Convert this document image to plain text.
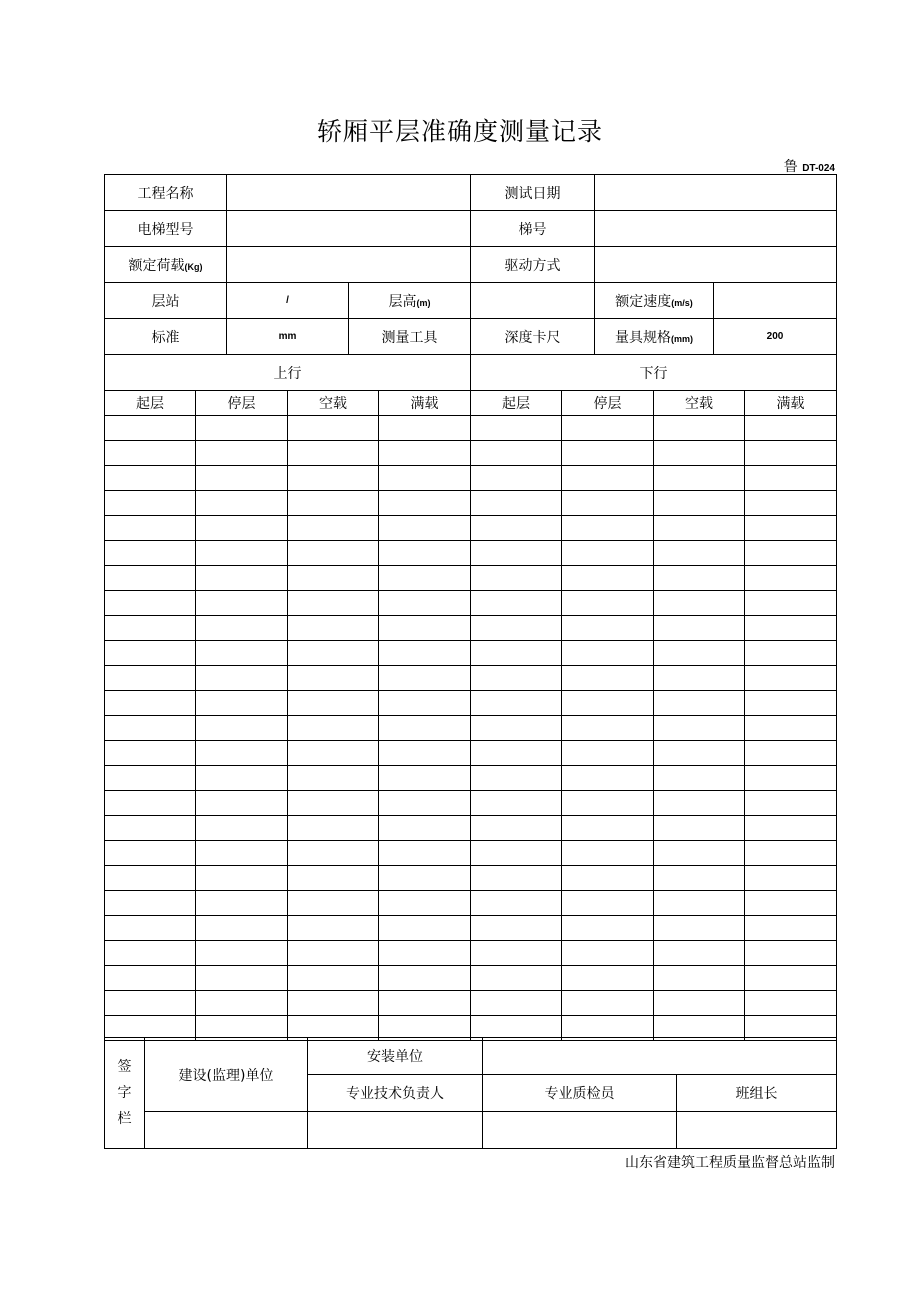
轿厢平层准确度测量记录
鲁 DT-024
工程名称			测试日期		
电梯型号			梯号		
额定荷载(Kg)			驱动方式		
层站	/	层高(m)		额定速度(m/s)	
标准	mm	测量工具	深度卡尺	量具规格(mm)	200
上行			下行		
起层	停层	空载	满载	起层	停层	空载	满载

签
字
栏	建设(监理)单位	安装单位		
		专业技术负责人	专业质检员	班组长

山东省建筑工程质量监督总站监制
